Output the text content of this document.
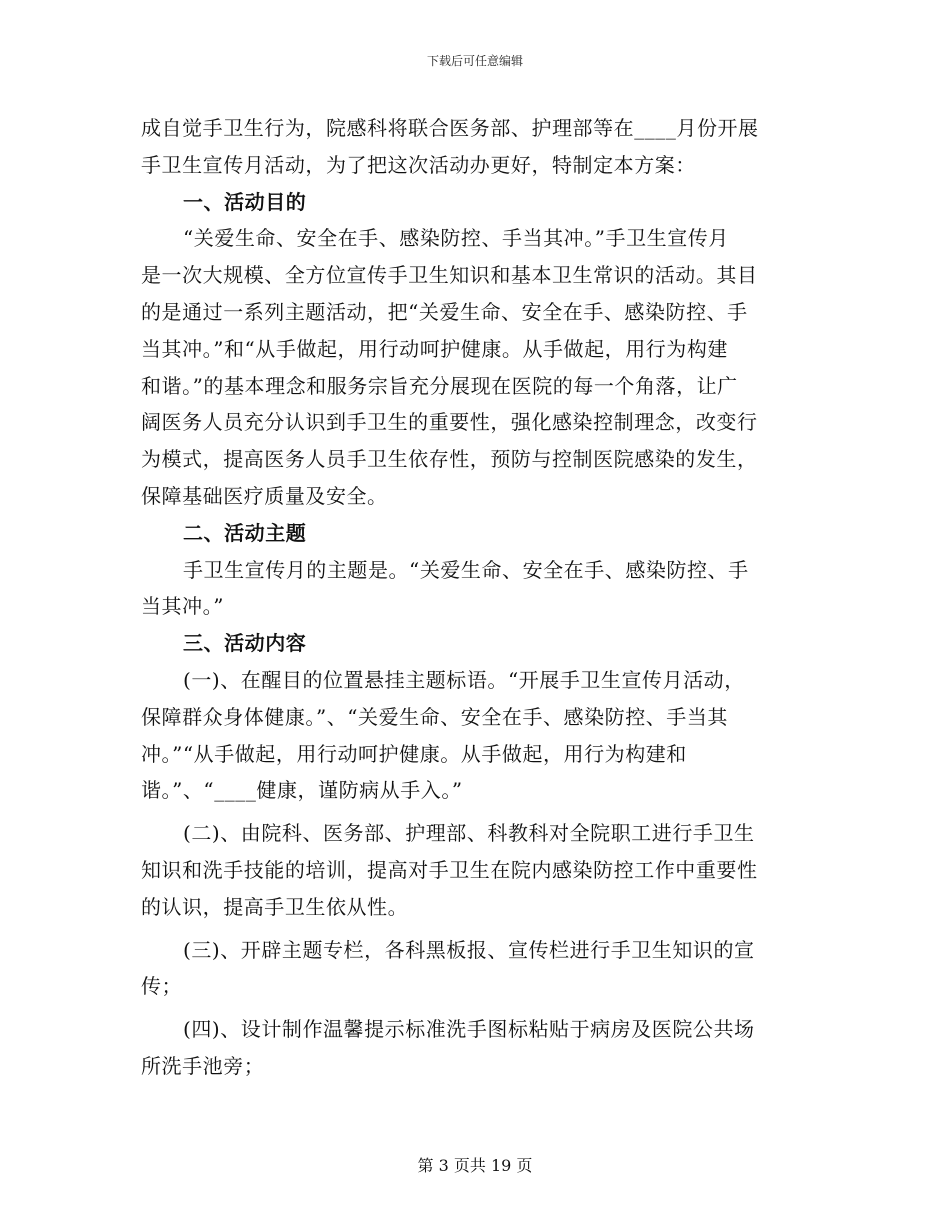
下载后可任意编辑
成自觉手卫生行为，院感科将联合医务部、护理部等在____月份开展
手卫生宣传月活动，为了把这次活动办更好，特制定本方案：
一、活动目的
“关爱生命、安全在手、感染防控、手当其冲。”手卫生宣传月
是一次大规模、全方位宣传手卫生知识和基本卫生常识的活动。其目
的是通过一系列主题活动，把“关爱生命、安全在手、感染防控、手
当其冲。”和“从手做起，用行动呵护健康。从手做起，用行为构建
和谐。”的基本理念和服务宗旨充分展现在医院的每一个角落，让广
阔医务人员充分认识到手卫生的重要性，强化感染控制理念，改变行
为模式，提高医务人员手卫生依存性，预防与控制医院感染的发生，
保障基础医疗质量及安全。
二、活动主题
手卫生宣传月的主题是。“关爱生命、安全在手、感染防控、手
当其冲。”
三、活动内容
(一)、在醒目的位置悬挂主题标语。“开展手卫生宣传月活动，
保障群众身体健康。”、“关爱生命、安全在手、感染防控、手当其
冲。”“从手做起，用行动呵护健康。从手做起，用行为构建和
谐。”、“____健康，谨防病从手入。”
(二)、由院科、医务部、护理部、科教科对全院职工进行手卫生
知识和洗手技能的培训，提高对手卫生在院内感染防控工作中重要性
的认识，提高手卫生依从性。
(三)、开辟主题专栏，各科黑板报、宣传栏进行手卫生知识的宣
传；
(四)、设计制作温馨提示标准洗手图标粘贴于病房及医院公共场
所洗手池旁；
第 3 页共 19 页
